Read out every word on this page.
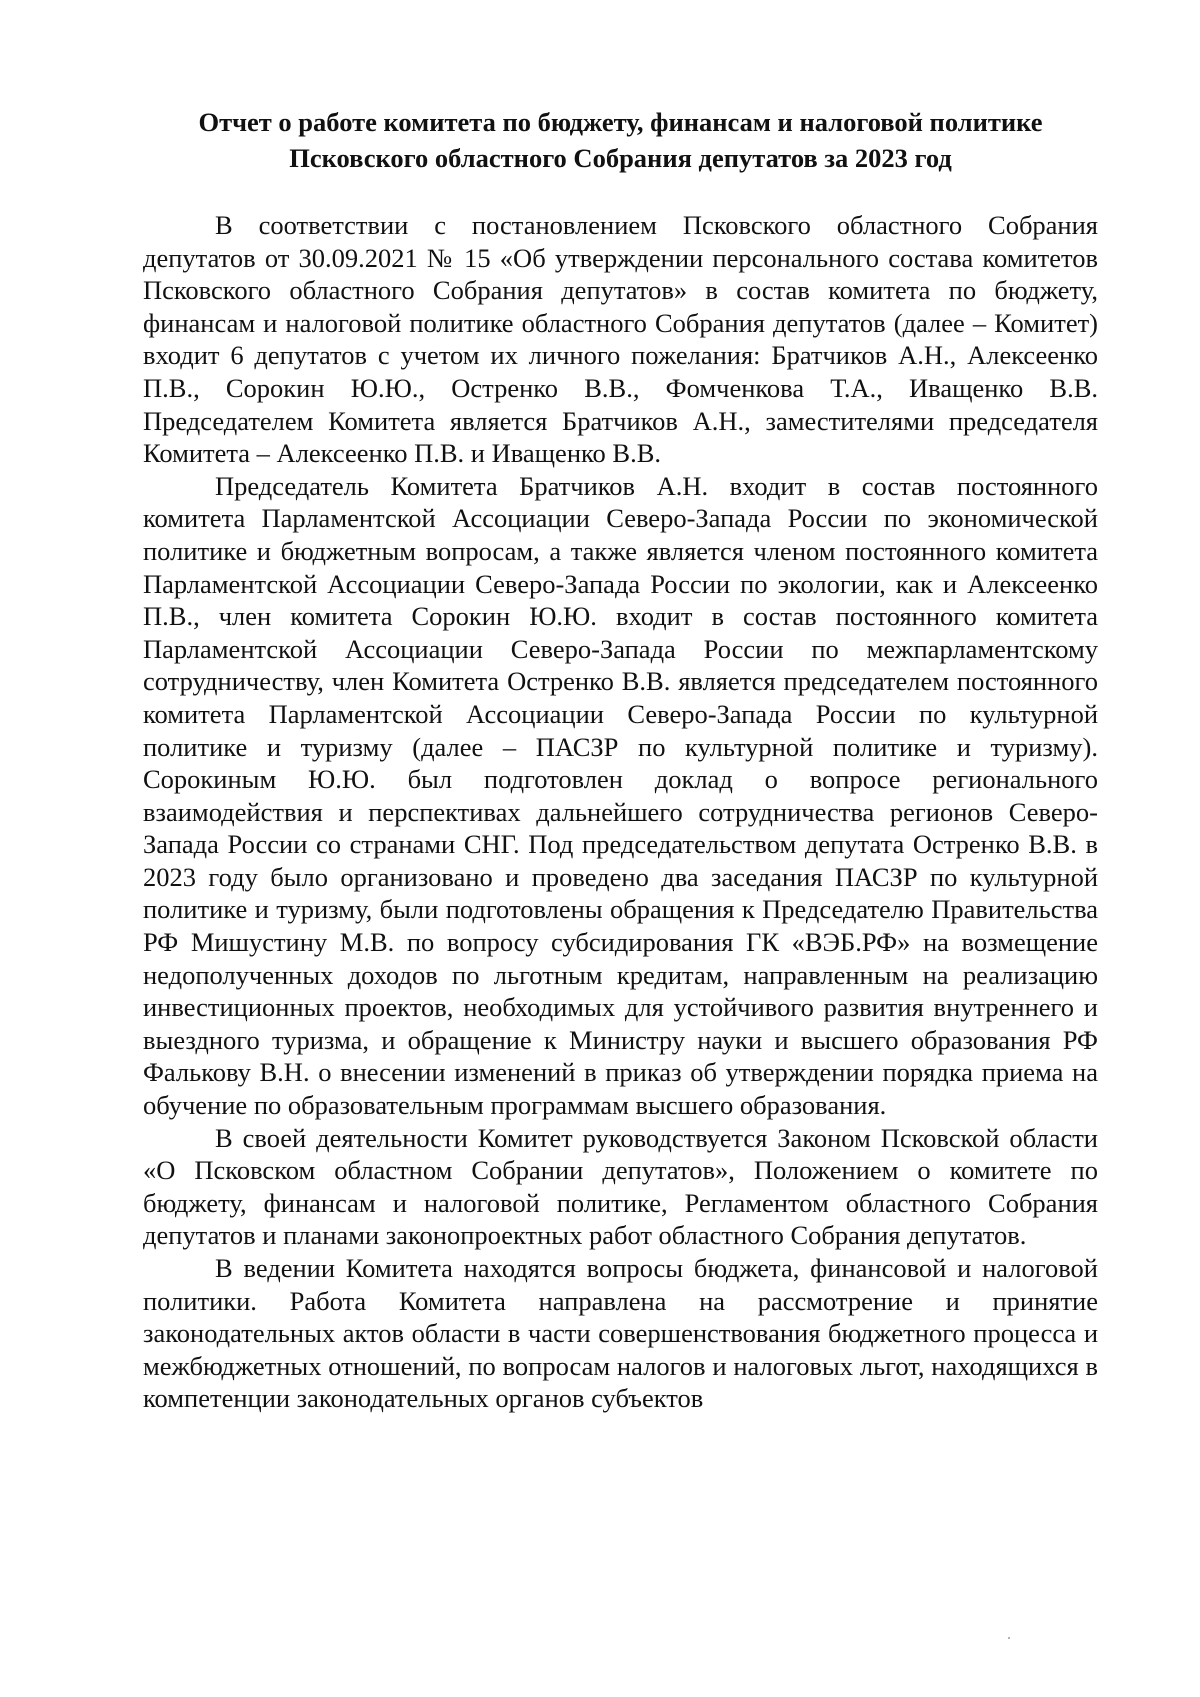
Отчет о работе комитета по бюджету, финансам и налоговой политике
Псковского областного Собрания депутатов за 2023 год

В соответствии с постановлением Псковского областного Собрания депутатов от 30.09.2021 № 15 «Об утверждении персонального состава комитетов Псковского областного Собрания депутатов» в состав комитета по бюджету, финансам и налоговой политике областного Собрания депутатов (далее – Комитет) входит 6 депутатов с учетом их личного пожелания: Братчиков А.Н., Алексеенко П.В., Сорокин Ю.Ю., Остренко В.В., Фомченкова Т.А., Иващенко В.В. Председателем Комитета является Братчиков А.Н., заместителями председателя Комитета – Алексеенко П.В. и Иващенко В.В.

Председатель Комитета Братчиков А.Н. входит в состав постоянного комитета Парламентской Ассоциации Северо-Запада России по экономической политике и бюджетным вопросам, а также является членом постоянного комитета Парламентской Ассоциации Северо-Запада России по экологии, как и Алексеенко П.В., член комитета Сорокин Ю.Ю. входит в состав постоянного комитета Парламентской Ассоциации Северо-Запада России по межпарламентскому сотрудничеству, член Комитета Остренко В.В. является председателем постоянного комитета Парламентской Ассоциации Северо-Запада России по культурной политике и туризму (далее – ПАСЗР по культурной политике и туризму). Сорокиным Ю.Ю. был подготовлен доклад о вопросе регионального взаимодействия и перспективах дальнейшего сотрудничества регионов Северо-Запада России со странами СНГ. Под председательством депутата Остренко В.В. в 2023 году было организовано и проведено два заседания ПАСЗР по культурной политике и туризму, были подготовлены обращения к Председателю Правительства РФ Мишустину М.В. по вопросу субсидирования ГК «ВЭБ.РФ» на возмещение недополученных доходов по льготным кредитам, направленным на реализацию инвестиционных проектов, необходимых для устойчивого развития внутреннего и выездного туризма, и обращение к Министру науки и высшего образования РФ Фалькову В.Н. о внесении изменений в приказ об утверждении порядка приема на обучение по образовательным программам высшего образования.

В своей деятельности Комитет руководствуется Законом Псковской области «О Псковском областном Собрании депутатов», Положением о комитете по бюджету, финансам и налоговой политике, Регламентом областного Собрания депутатов и планами законопроектных работ областного Собрания депутатов.

В ведении Комитета находятся вопросы бюджета, финансовой и налоговой политики. Работа Комитета направлена на рассмотрение и принятие законодательных актов области в части совершенствования бюджетного процесса и межбюджетных отношений, по вопросам налогов и налоговых льгот, находящихся в компетенции законодательных органов субъектов
